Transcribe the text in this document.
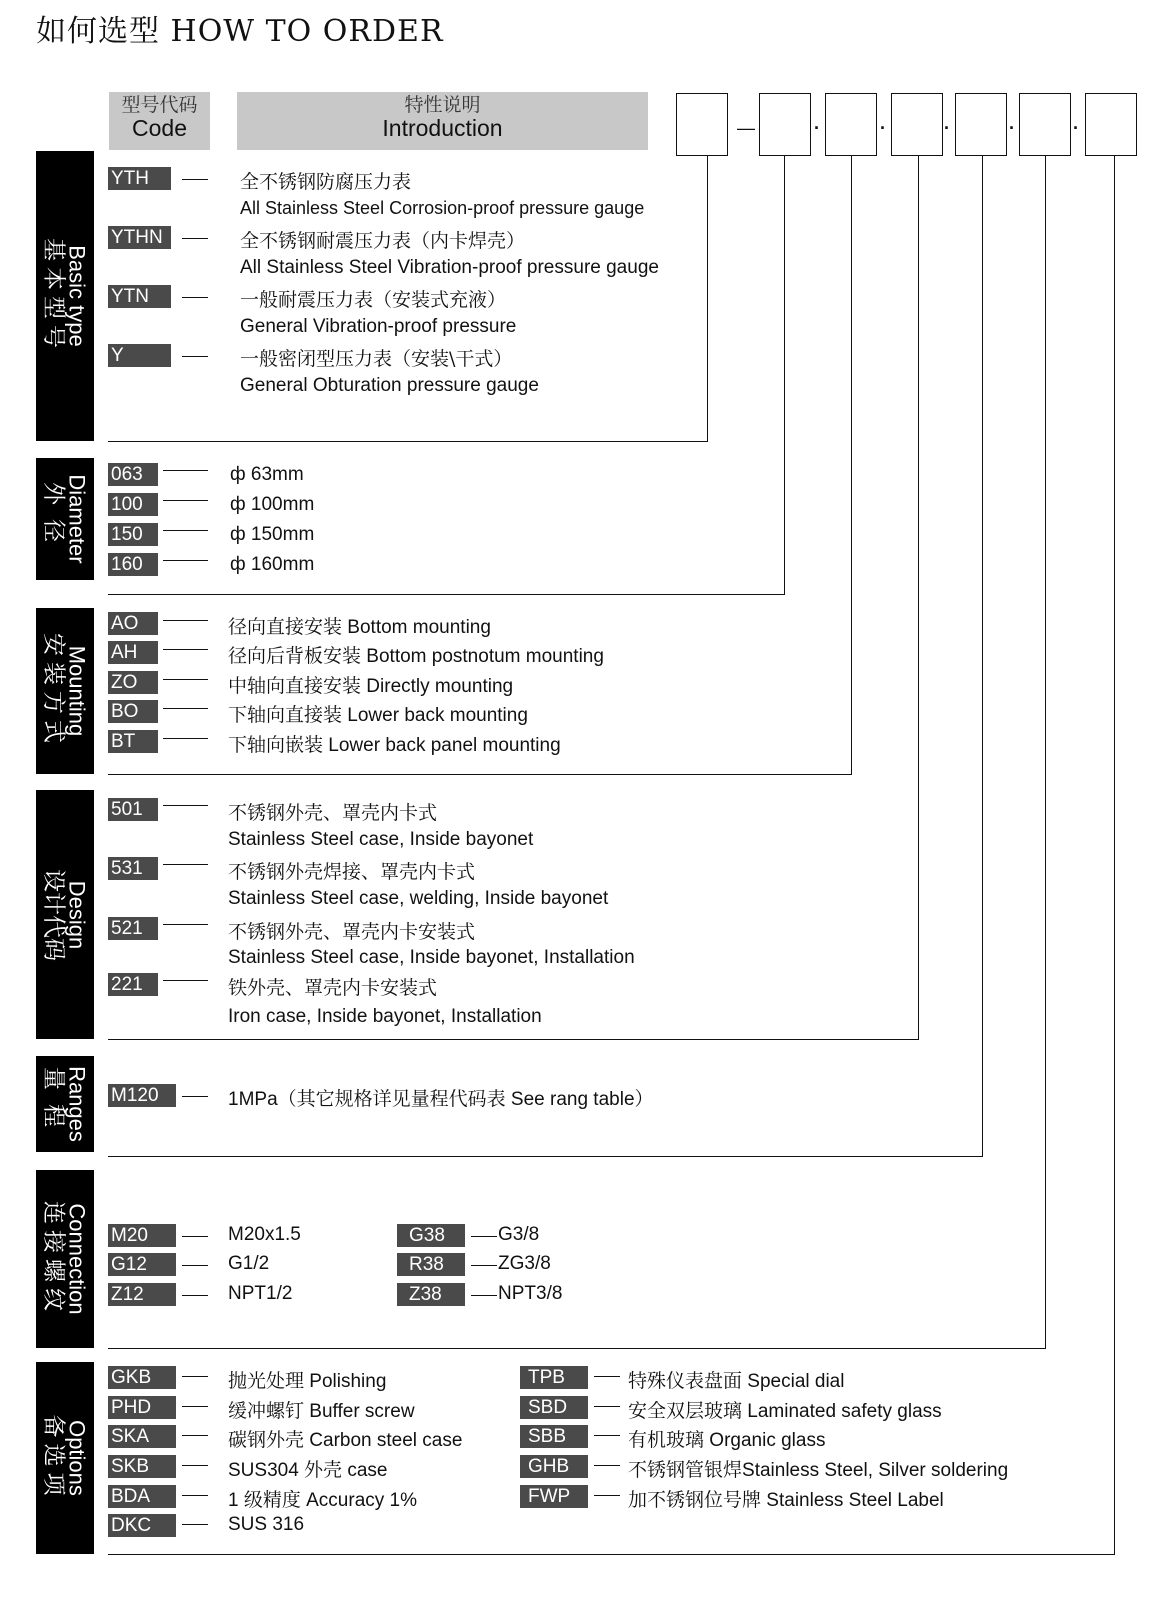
如何选型 HOW TO ORDER
型号代码
Code
特性说明
Introduction	—	·	·	·	·	·
Basic type
基本型号
YTH	全不锈钢防腐压力表
All Stainless Steel Corrosion-proof pressure gauge
YTHN	全不锈钢耐震压力表（内卡焊壳）
All Stainless Steel Vibration-proof pressure gauge
YTN	一般耐震压力表（安装式充液）
General Vibration-proof pressure
Y	一般密闭型压力表（安装\干式）
General Obturation pressure gauge
Diameter
外径
063	ф 63mm
100	ф 100mm
150	ф 150mm
160	ф 160mm
Mounting
安装方式
AO	径向直接安装 Bottom mounting
AH	径向后背板安装 Bottom postnotum mounting
ZO	中轴向直接安装 Directly mounting
BO	下轴向直接装 Lower back mounting
BT	下轴向嵌装 Lower back panel mounting
Design
设计代码
501	不锈钢外壳、罩壳内卡式
Stainless Steel case, Inside bayonet
531	不锈钢外壳焊接、罩壳内卡式
Stainless Steel case, welding, Inside bayonet
521	不锈钢外壳、罩壳内卡安装式
Stainless Steel case, Inside bayonet, Installation
221	铁外壳、罩壳内卡安装式
Iron case, Inside bayonet, Installation
Ranges
量程 M120	1MPa（其它规格详见量程代码表 See rang table）
Connection
连接螺纹 M20	M20x1.5
G12	G1/2
Z12	NPT1/2
G38	G3/8
R38	ZG3/8
Z38	NPT3/8
Options
备选项
GKB	抛光处理 Polishing
PHD	缓冲螺钉 Buffer screw
SKA	碳钢外壳 Carbon steel case
SKB	SUS304 外壳 case
BDA	1 级精度 Accuracy 1%
DKC	SUS 316
TPB	特殊仪表盘面 Special dial
SBD	安全双层玻璃 Laminated safety glass
SBB	有机玻璃 Organic glass
GHB	不锈钢管银焊Stainless Steel, Silver soldering
FWP	加不锈钢位号牌 Stainless Steel Label
